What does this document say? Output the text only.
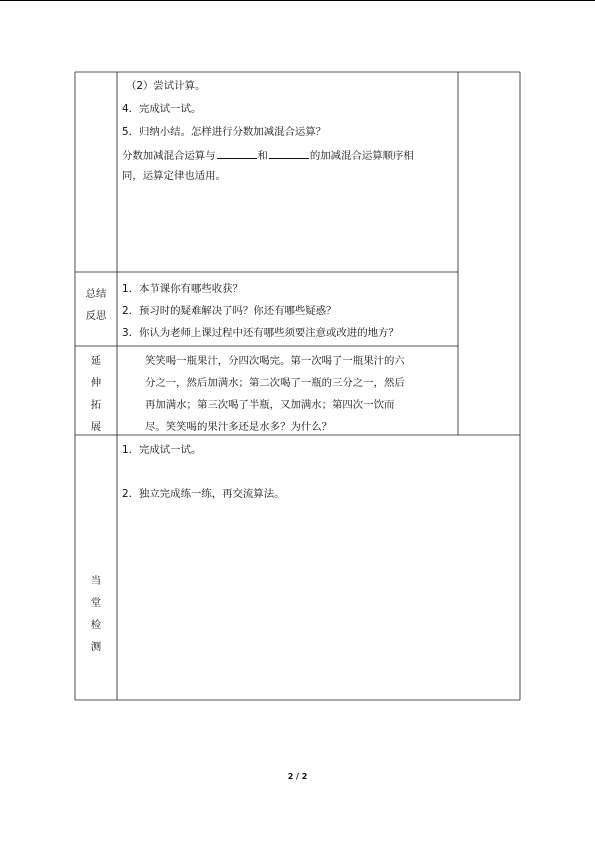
（2）尝试计算。
4．完成试一试。
5．归纳小结。怎样进行分数加减混合运算？
分数加减混合运算与	和	的加减混合运算顺序相
同，运算定律也适用。
总结
反思
1．本节课你有哪些收获？
2．预习时的疑难解决了吗？你还有哪些疑惑？
3．你认为老师上课过程中还有哪些须要注意或改进的地方？
延
伸
拓
展
笑笑喝一瓶果汁，分四次喝完。第一次喝了一瓶果汁的六
分之一，然后加满水；第二次喝了一瓶的三分之一，然后
再加满水；第三次喝了半瓶，又加满水；第四次一饮而
尽。笑笑喝的果汁多还是水多？为什么？
当
堂
检
测
1．完成试一试。
2．独立完成练一练，再交流算法。
2 / 2
